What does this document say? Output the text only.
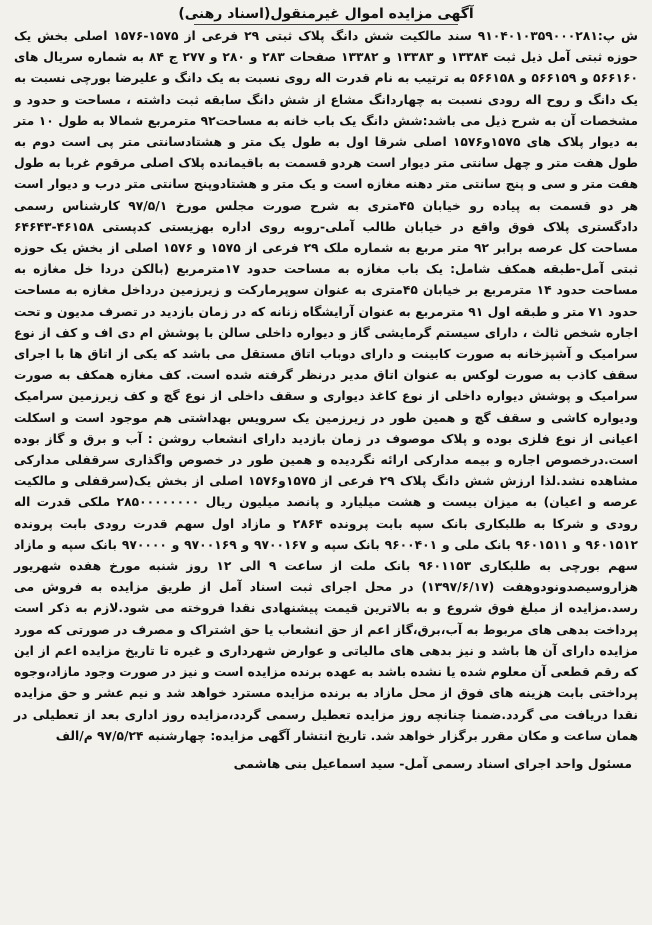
آگهی مزایده اموال غیرمنقول(اسناد رهنی)

ش پ:۹۱۰۴۰۱۰۳۵۹۰۰۰۲۸۱ سند مالکیت شش دانگ پلاک ثبتی ۲۹ فرعی از ۱۵۷۵-۱۵۷۶ اصلی بخش یک حوزه ثبتی آمل ذیل ثبت ۱۳۳۸۴ و ۱۳۳۸۳ و ۱۳۳۸۲ صفحات ۲۸۳ و ۲۸۰ و ۲۷۷ ج ۸۴ به شماره سریال های ۵۶۶۱۶۰ و ۵۶۶۱۵۹ و ۵۶۶۱۵۸ به ترتیب به نام قدرت اله روی نسبت به یک دانگ و علیرضا بورچی نسبت به یک دانگ و روح اله رودی نسبت به چهاردانگ مشاع از شش دانگ سابقه ثبت داشته ، مساحت و حدود و مشخصات آن به شرح ذیل می باشد:شش دانگ یک باب خانه به مساحت۹۲ مترمربع شمالا به طول ۱۰ متر به دیوار پلاک های ۱۵۷۵و۱۵۷۶ اصلی شرقا اول به طول یک متر و هشتادسانتی متر پی است دوم به طول هفت متر و چهل سانتی متر دیوار است هردو قسمت به باقیمانده پلاک اصلی مرقوم غربا به طول هفت متر و سی و پنج سانتی متر دهنه مغازه است و یک متر و هشتادوپنج سانتی متر درب و دیوار است هر دو قسمت به پیاده رو خیابان ۴۵متری به شرح صورت مجلس مورخ ۹۷/۵/۱ کارشناس رسمی دادگستری پلاک فوق واقع در خیابان طالب آملی-روبه روی اداره بهزیستی کدپستی ۴۶۱۵۸-۶۴۶۴۳ مساحت کل عرصه برابر ۹۲ متر مربع به شماره ملک ۲۹ فرعی از ۱۵۷۵ و ۱۵۷۶ اصلی از بخش یک حوزه ثبتی آمل-طبقه همکف شامل: یک باب مغازه به مساحت حدود ۱۷مترمربع (بالکن دردا خل مغازه به مساحت حدود ۱۴ مترمربع بر خیابان ۴۵متری به عنوان سوپرمارکت و زیرزمین درداخل مغازه به مساحت حدود ۷۱ متر و طبقه اول ۹۱ مترمربع به عنوان آرایشگاه زنانه که در زمان بازدید در تصرف مدیون و تحت اجاره شخص ثالث ، دارای سیستم گرمایشی گاز و دیواره داخلی سالن با پوشش ام دی اف و کف از نوع سرامیک و آشپزخانه به صورت کابینت و دارای دوباب اتاق مستقل می باشد که یکی از اتاق ها با اجرای سقف کاذب به صورت لوکس به عنوان اتاق مدیر درنظر گرفته شده است. کف مغازه همکف به صورت سرامیک و پوشش دیواره داخلی از نوع کاغذ دیواری و سقف داخلی از نوع گچ و کف زیرزمین سرامیک ودیواره کاشی و سقف گچ و همین طور در زیرزمین یک سرویس بهداشتی هم موجود است و اسکلت اعیانی از نوع فلزی بوده و پلاک موصوف در زمان بازدید دارای انشعاب روشن : آب و برق و گاز بوده است.درخصوص اجاره و بیمه مدارکی ارائه نگردیده و همین طور در خصوص واگذاری سرقفلی مدارکی مشاهده نشد.لذا ارزش شش دانگ پلاک ۲۹ فرعی از ۱۵۷۵و۱۵۷۶ اصلی از بخش یک(سرقفلی و مالکیت عرصه و اعیان) به میزان بیست و هشت میلیارد و پانصد میلیون ریال ۲۸۵۰۰۰۰۰۰۰۰ ملکی قدرت اله رودی و شرکا به طلبکاری بانک سپه بابت پرونده ۲۸۶۴ و مازاد اول سهم قدرت رودی بابت پرونده ۹۶۰۱۵۱۲ و ۹۶۰۱۵۱۱ بانک ملی و ۹۶۰۰۴۰۱ بانک سپه و ۹۷۰۰۱۶۷ و ۹۷۰۰۱۶۹ و ۹۷۰۰۰۰ بانک سپه و مازاد سهم بورچی به طلبکاری ۹۶۰۱۱۵۳ بانک ملت از ساعت ۹ الی ۱۲ روز شنبه مورخ هفده شهریور هزاروسیصدونودوهفت (۱۳۹۷/۶/۱۷) در محل اجرای ثبت اسناد آمل از طریق مزایده به فروش می رسد.مزایده از مبلغ فوق شروع و به بالاترین قیمت پیشنهادی نقدا فروخته می شود.لازم به ذکر است پرداخت بدهی های مربوط به آب،برق،گاز اعم از حق انشعاب یا حق اشتراک و مصرف در صورتی که مورد مزایده دارای آن ها باشد و نیز بدهی های مالیاتی و عوارض شهرداری و غیره تا تاریخ مزایده اعم از این که رقم قطعی آن معلوم شده یا نشده باشد به عهده برنده مزایده است و نیز در صورت وجود مازاد،وجوه پرداختی بابت هزینه های فوق از محل مازاد به برنده مزایده مسترد خواهد شد و نیم عشر و حق مزایده نقدا دریافت می گردد.ضمنا چنانچه روز مزایده تعطیل رسمی گردد،مزایده روز اداری بعد از تعطیلی در همان ساعت و مکان مقرر برگزار خواهد شد. تاریخ انتشار آگهی مزایده: چهارشنبه ۹۷/۵/۲۴ م/الف

مسئول واحد اجرای اسناد رسمی آمل- سید اسماعیل بنی هاشمی
